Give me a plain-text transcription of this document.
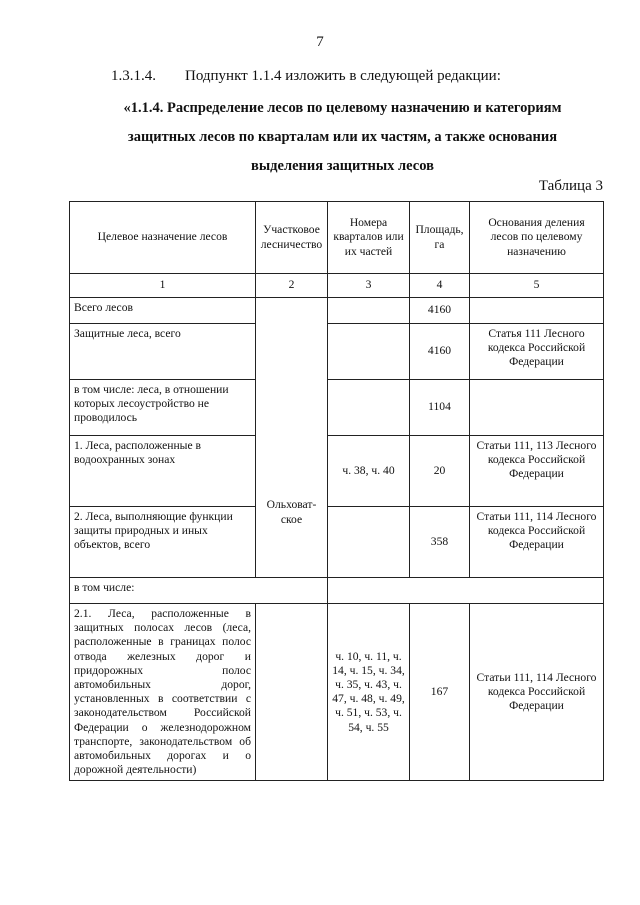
7
1.3.1.4. Подпункт 1.1.4 изложить в следующей редакции:
«1.1.4. Распределение лесов по целевому назначению и категориям
защитных лесов по кварталам или их частям, а также основания
выделения защитных лесов
Таблица 3
Целевое назначение лесов	Участковое лесничество	Номера кварталов или их частей	Площадь, га	Основания деления лесов по целевому назначению
1	2	3	4	5
Всего лесов	Ольховат-ское		4160	
Защитные леса, всего			4160	Статья 111 Лесного кодекса Российской Федерации
в том числе: леса, в отношении которых лесоустройство не проводилось			1104	
1. Леса, расположенные в водоохранных зонах		ч. 38, ч. 40	20	Статьи 111, 113 Лесного кодекса Российской Федерации
2. Леса, выполняющие функции защиты природных и иных объектов, всего			358	Статьи 111, 114 Лесного кодекса Российской Федерации
в том числе:				
2.1. Леса, расположенные в защитных полосах лесов (леса, расположенные в границах полос отвода железных дорог и придорожных полос автомобильных дорог, установленных в соответствии с законодательством Российской Федерации о железнодорожном транспорте, законодательством об автомобильных дорогах и о дорожной деятельности)		ч. 10, ч. 11, ч. 14, ч. 15, ч. 34, ч. 35, ч. 43, ч. 47, ч. 48, ч. 49, ч. 51, ч. 53, ч. 54, ч. 55	167	Статьи 111, 114 Лесного кодекса Российской Федерации
